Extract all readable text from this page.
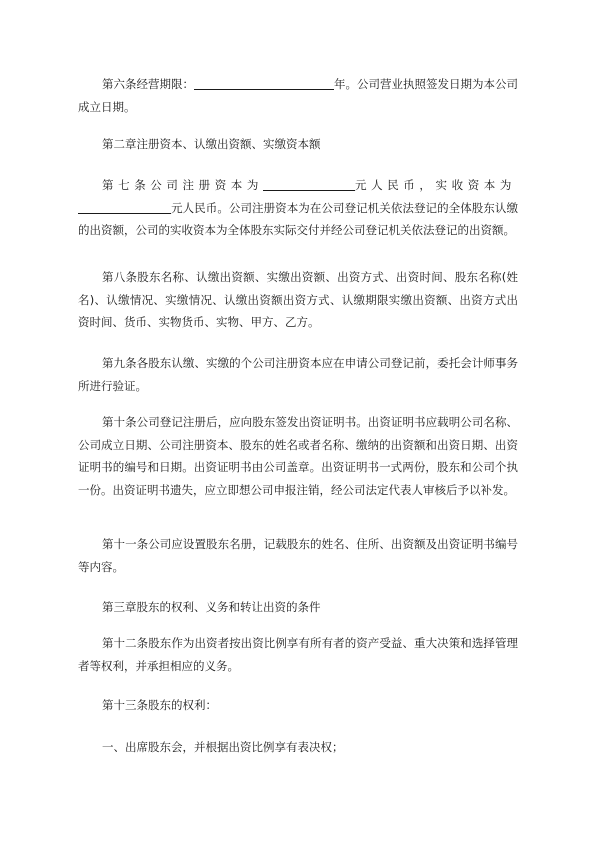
第六条经营期限：	年。公司营业执照签发日期为本公司成立日期。

第二章注册资本、认缴出资额、实缴资本额

第七条公司注册资本为	元人民币，实收资本为
元人民币。公司注册资本为在公司登记机关依法登记的全体股东认缴的出资额，公司的实收资本为全体股东实际交付并经公司登记机关依法登记的出资额。

第八条股东名称、认缴出资额、实缴出资额、出资方式、出资时间、股东名称(姓名)、认缴情况、实缴情况、认缴出资额出资方式、认缴期限实缴出资额、出资方式出资时间、货币、实物货币、实物、甲方、乙方。

第九条各股东认缴、实缴的个公司注册资本应在申请公司登记前，委托会计师事务所进行验证。

第十条公司登记注册后，应向股东签发出资证明书。出资证明书应载明公司名称、公司成立日期、公司注册资本、股东的姓名或者名称、缴纳的出资额和出资日期、出资证明书的编号和日期。出资证明书由公司盖章。出资证明书一式两份，股东和公司个执一份。出资证明书遗失，应立即想公司申报注销，经公司法定代表人审核后予以补发。

第十一条公司应设置股东名册，记载股东的姓名、住所、出资额及出资证明书编号等内容。

第三章股东的权利、义务和转让出资的条件

第十二条股东作为出资者按出资比例享有所有者的资产受益、重大决策和选择管理者等权利，并承担相应的义务。

第十三条股东的权利：

一、出席股东会，并根据出资比例享有表决权；
